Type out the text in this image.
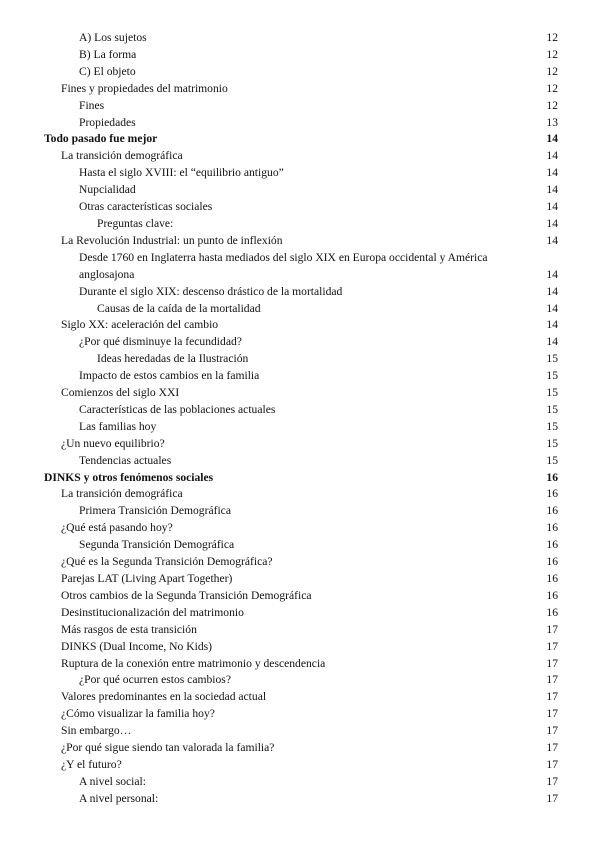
A) Los sujetos	12
B) La forma	12
C) El objeto	12
Fines y propiedades del matrimonio	12
Fines	12
Propiedades	13
Todo pasado fue mejor	14
La transición demográfica	14
Hasta el siglo XVIII: el “equilibrio antiguo”	14
Nupcialidad	14
Otras características sociales	14
Preguntas clave:	14
La Revolución Industrial: un punto de inflexión	14
Desde 1760 en Inglaterra hasta mediados del siglo XIX en Europa occidental y América anglosajona	14
Durante el siglo XIX: descenso drástico de la mortalidad	14
Causas de la caída de la mortalidad	14
Siglo XX: aceleración del cambio	14
¿Por qué disminuye la fecundidad?	14
Ideas heredadas de la Ilustración	15
Impacto de estos cambios en la familia	15
Comienzos del siglo XXI	15
Características de las poblaciones actuales	15
Las familias hoy	15
¿Un nuevo equilibrio?	15
Tendencias actuales	15
DINKS y otros fenómenos sociales	16
La transición demográfica	16
Primera Transición Demográfica	16
¿Qué está pasando hoy?	16
Segunda Transición Demográfica	16
¿Qué es la Segunda Transición Demográfica?	16
Parejas LAT (Living Apart Together)	16
Otros cambios de la Segunda Transición Demográfica	16
Desinstitucionalización del matrimonio	16
Más rasgos de esta transición	17
DINKS (Dual Income, No Kids)	17
Ruptura de la conexión entre matrimonio y descendencia	17
¿Por qué ocurren estos cambios?	17
Valores predominantes en la sociedad actual	17
¿Cómo visualizar la familia hoy?	17
Sin embargo…	17
¿Por qué sigue siendo tan valorada la familia?	17
¿Y el futuro?	17
A nivel social:	17
A nivel personal:	17
